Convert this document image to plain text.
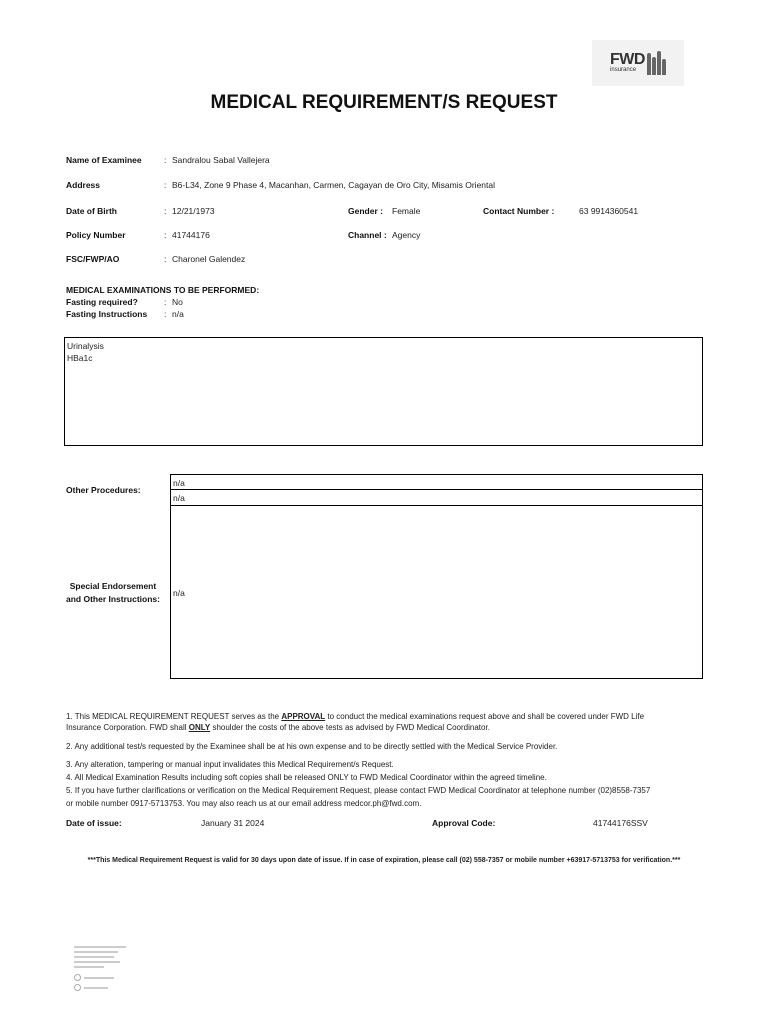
FWD
insurance
MEDICAL REQUIREMENT/S REQUEST
Name of Examinee	: Sandralou Sabal Vallejera
Address	: B6-L34, Zone 9 Phase 4, Macanhan, Carmen, Cagayan de Oro City, Misamis Oriental
Date of Birth	: 12/21/1973	Gender : Female	Contact Number :	63 9914360541
Policy Number	: 41744176	Channel : Agency
FSC/FWP/AO	: Charonel Galendez
MEDICAL EXAMINATIONS TO BE PERFORMED:
Fasting required?	: No
Fasting Instructions : n/a
Urinalysis
HBa1c
Other Procedures:
n/a
n/a
Special Endorsement
and Other Instructions:
n/a
1. This MEDICAL REQUIREMENT REQUEST serves as the APPROVAL to conduct the medical examinations request above and shall be covered under FWD Life
Insurance Corporation. FWD shall ONLY shoulder the costs of the above tests as advised by FWD Medical Coordinator.
2. Any additional test/s requested by the Examinee shall be at his own expense and to be directly settled with the Medical Service Provider.
3. Any alteration, tampering or manual input invalidates this Medical Requirement/s Request.
4. All Medical Examination Results including soft copies shall be released ONLY to FWD Medical Coordinator within the agreed timeline.
5. If you have further clarifications or verification on the Medical Requirement Request, please contact FWD Medical Coordinator at telephone number (02)8558-7357
or mobile number 0917-5713753. You may also reach us at our email address medcor.ph@fwd.com.
Date of issue:	January 31 2024	Approval Code:	41744176SSV
***This Medical Requirement Request is valid for 30 days upon date of issue. If in case of expiration, please call (02) 558-7357 or mobile number +63917-5713753 for verification.***
